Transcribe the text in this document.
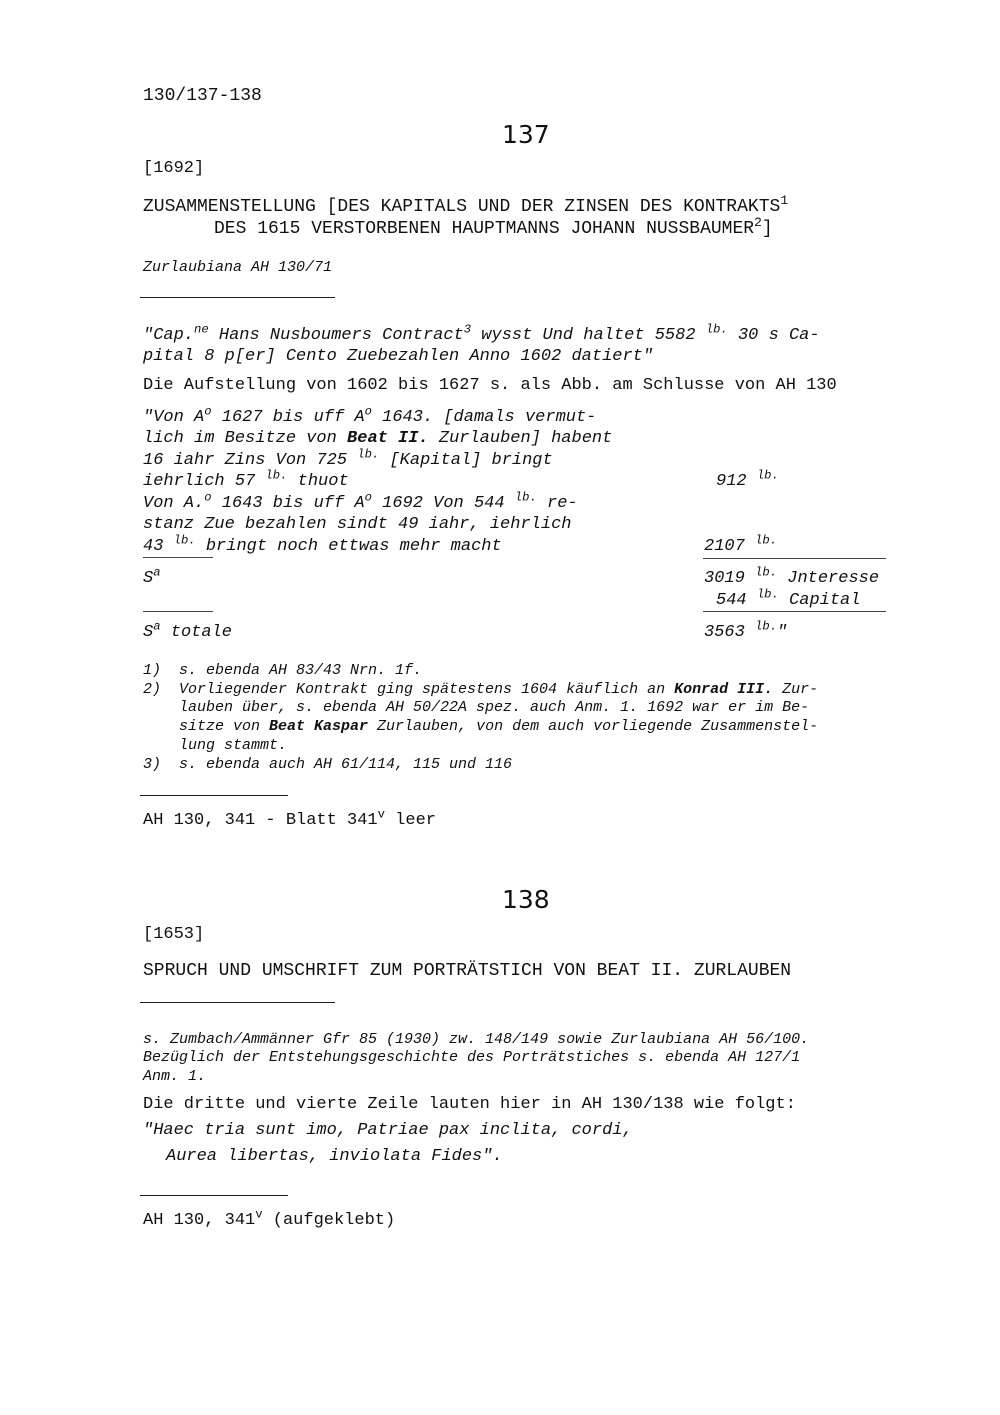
130/137-138
137
[1692]
ZUSAMMENSTELLUNG [DES KAPITALS UND DER ZINSEN DES KONTRAKTS$^1$
DES 1615 VERSTORBENEN HAUPTMANNS JOHANN NUSSBAUMER$^2$]
Zurlaubiana AH 130/71
"Cap.$^{ne}$ Hans Nusboumers Contract$^3$ wysst Und haltet 5582 $^{lb.}$ 30 s Ca-
pital 8 p[er] Cento Zuebezahlen Anno 1602 datiert"
Die Aufstellung von 1602 bis 1627 s. als Abb. am Schlusse von AH 130
"Von $A^o$ 1627 bis uff $A^o$ 1643. [damals vermut-
lich im Besitze von Beat II. Zurlauben] habent
16 iahr Zins Von 725 $^{lb.}$ [Kapital] bringt
iehrlich 57 $^{lb.}$ thuot	912 $^{lb.}$
Von A.$^o$ 1643 bis uff $A^o$ 1692 Von 544 $^{lb.}$ re-
stanz Zue bezahlen sindt 49 iahr, iehrlich
43 $^{lb.}$ bringt noch ettwas mehr macht	2107 $^{lb.}$
$S^a$	3019 $^{lb.}$ Jnteresse
544 $^{lb.}$ Capital
$S^a$ totale	3563 $^{lb.}$"
1) s. ebenda AH 83/43 Nrn. 1f.
2) Vorliegender Kontrakt ging spätestens 1604 käuflich an Konrad III. Zur-
lauben über, s. ebenda AH 50/22A spez. auch Anm. 1. 1692 war er im Be-
sitze von Beat Kaspar Zurlauben, von dem auch vorliegende Zusammenstel-
lung stammt.
3) s. ebenda auch AH 61/114, 115 und 116
AH 130, 341 - Blatt 341$^v$ leer
138
[1653]
SPRUCH UND UMSCHRIFT ZUM PORTRÄTSTICH VON BEAT II. ZURLAUBEN
s. Zumbach/Ammänner Gfr 85 (1930) zw. 148/149 sowie Zurlaubiana AH 56/100.
Bezüglich der Entstehungsgeschichte des Porträtstiches s. ebenda AH 127/1
Anm. 1.
Die dritte und vierte Zeile lauten hier in AH 130/138 wie folgt:
"Haec tria sunt imo, Patriae pax inclita, cordi,
Aurea libertas, inviolata Fides".
AH 130, 341$^v$ (aufgeklebt)
